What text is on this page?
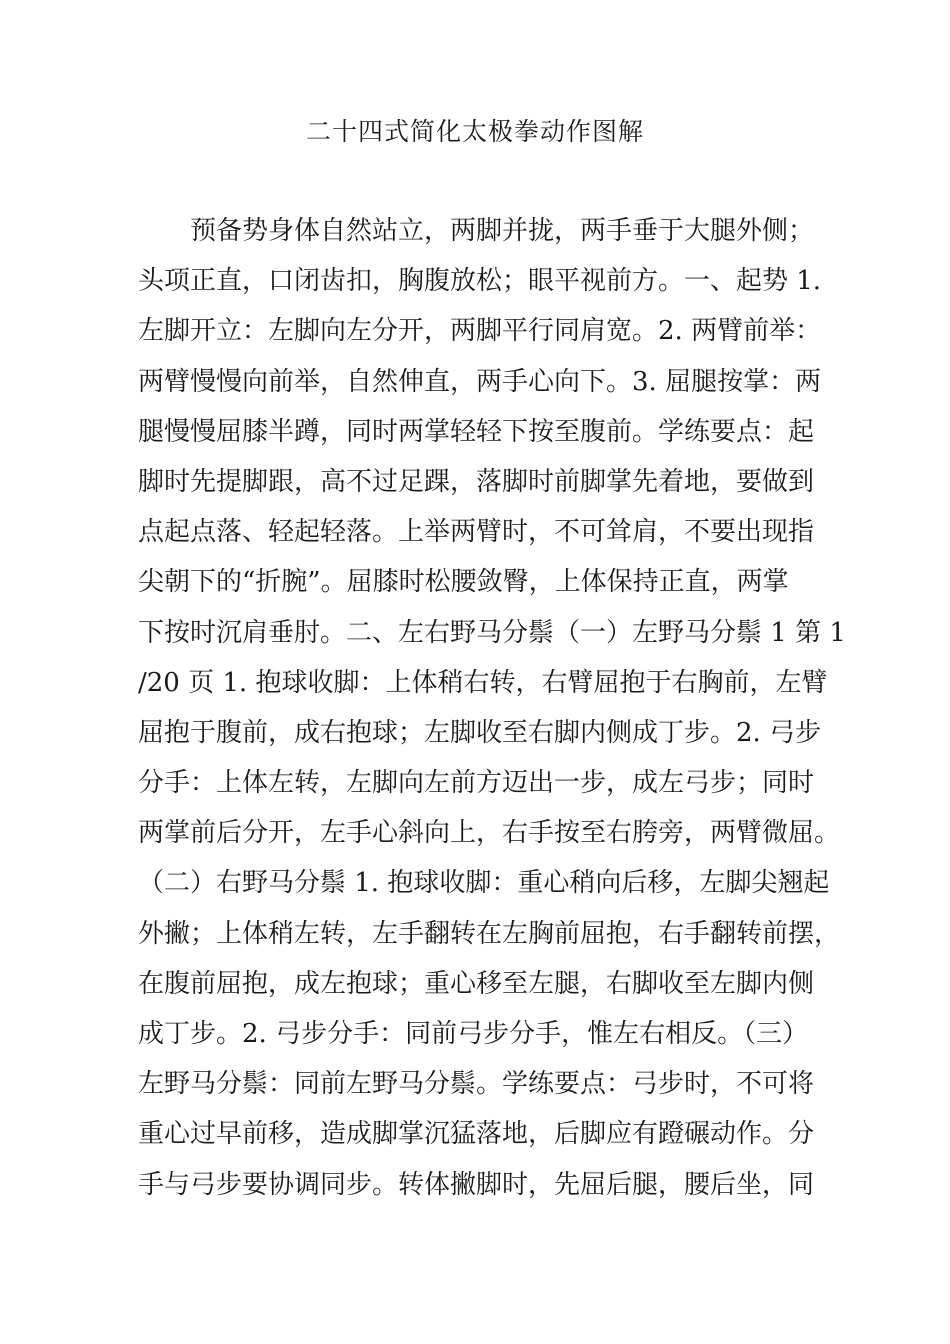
二十四式简化太极拳动作图解
预备势身体自然站立，两脚并拢，两手垂于大腿外侧；
头项正直，口闭齿扣，胸腹放松；眼平视前方。一、起势 1.
左脚开立：左脚向左分开，两脚平行同肩宽。2. 两臂前举：
两臂慢慢向前举，自然伸直，两手心向下。3. 屈腿按掌：两
腿慢慢屈膝半蹲，同时两掌轻轻下按至腹前。学练要点：起
脚时先提脚跟，高不过足踝，落脚时前脚掌先着地，要做到
点起点落、轻起轻落。上举两臂时，不可耸肩，不要出现指
尖朝下的“折腕”。屈膝时松腰敛臀，上体保持正直，两掌
下按时沉肩垂肘。二、左右野马分鬃（一）左野马分鬃 1 第 1
/20 页 1. 抱球收脚：上体稍右转，右臂屈抱于右胸前，左臂
屈抱于腹前，成右抱球；左脚收至右脚内侧成丁步。2. 弓步
分手：上体左转，左脚向左前方迈出一步，成左弓步；同时
两掌前后分开，左手心斜向上，右手按至右胯旁，两臂微屈。
（二）右野马分鬃 1. 抱球收脚：重心稍向后移，左脚尖翘起
外撇；上体稍左转，左手翻转在左胸前屈抱，右手翻转前摆，
在腹前屈抱，成左抱球；重心移至左腿，右脚收至左脚内侧
成丁步。2. 弓步分手：同前弓步分手，惟左右相反。（三）
左野马分鬃：同前左野马分鬃。学练要点：弓步时，不可将
重心过早前移，造成脚掌沉猛落地，后脚应有蹬碾动作。分
手与弓步要协调同步。转体撇脚时，先屈后腿，腰后坐，同
